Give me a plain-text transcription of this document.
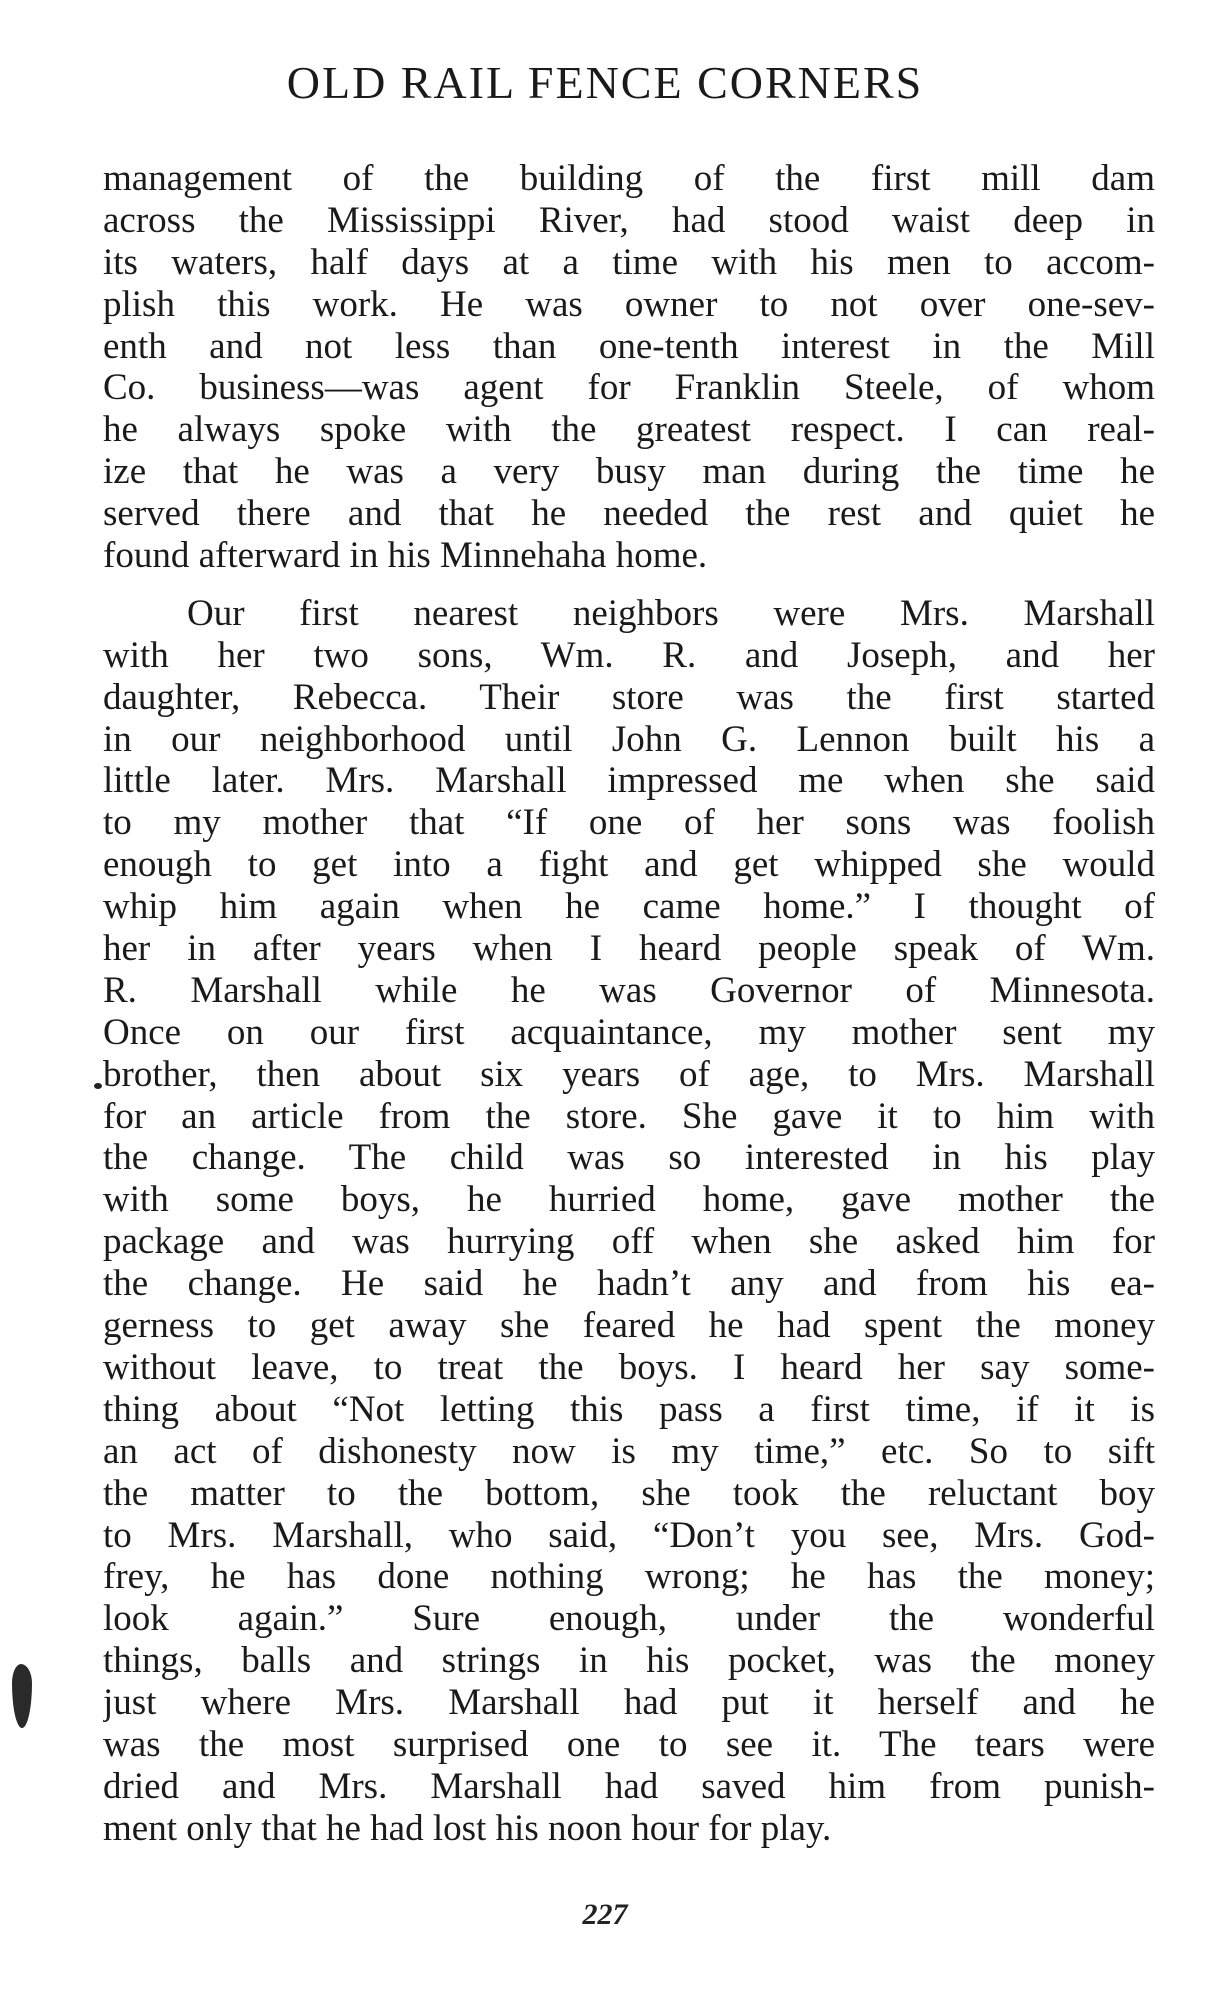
OLD RAIL FENCE CORNERS
management of the building of the first mill dam
across the Mississippi River, had stood waist deep in
its waters, half days at a time with his men to accom-
plish this work. He was owner to not over one-sev-
enth and not less than one-tenth interest in the Mill
Co. business—was agent for Franklin Steele, of whom
he always spoke with the greatest respect. I can real-
ize that he was a very busy man during the time he
served there and that he needed the rest and quiet he
found afterward in his Minnehaha home.
Our first nearest neighbors were Mrs. Marshall
with her two sons, Wm. R. and Joseph, and her
daughter, Rebecca. Their store was the first started
in our neighborhood until John G. Lennon built his a
little later. Mrs. Marshall impressed me when she said
to my mother that “If one of her sons was foolish
enough to get into a fight and get whipped she would
whip him again when he came home.” I thought of
her in after years when I heard people speak of Wm.
R. Marshall while he was Governor of Minnesota.
Once on our first acquaintance, my mother sent my
brother, then about six years of age, to Mrs. Marshall
for an article from the store. She gave it to him with
the change. The child was so interested in his play
with some boys, he hurried home, gave mother the
package and was hurrying off when she asked him for
the change. He said he hadn’t any and from his ea-
gerness to get away she feared he had spent the money
without leave, to treat the boys. I heard her say some-
thing about “Not letting this pass a first time, if it is
an act of dishonesty now is my time,” etc. So to sift
the matter to the bottom, she took the reluctant boy
to Mrs. Marshall, who said, “Don’t you see, Mrs. God-
frey, he has done nothing wrong; he has the money;
look again.” Sure enough, under the wonderful
things, balls and strings in his pocket, was the money
just where Mrs. Marshall had put it herself and he
was the most surprised one to see it. The tears were
dried and Mrs. Marshall had saved him from punish-
ment only that he had lost his noon hour for play.
227
